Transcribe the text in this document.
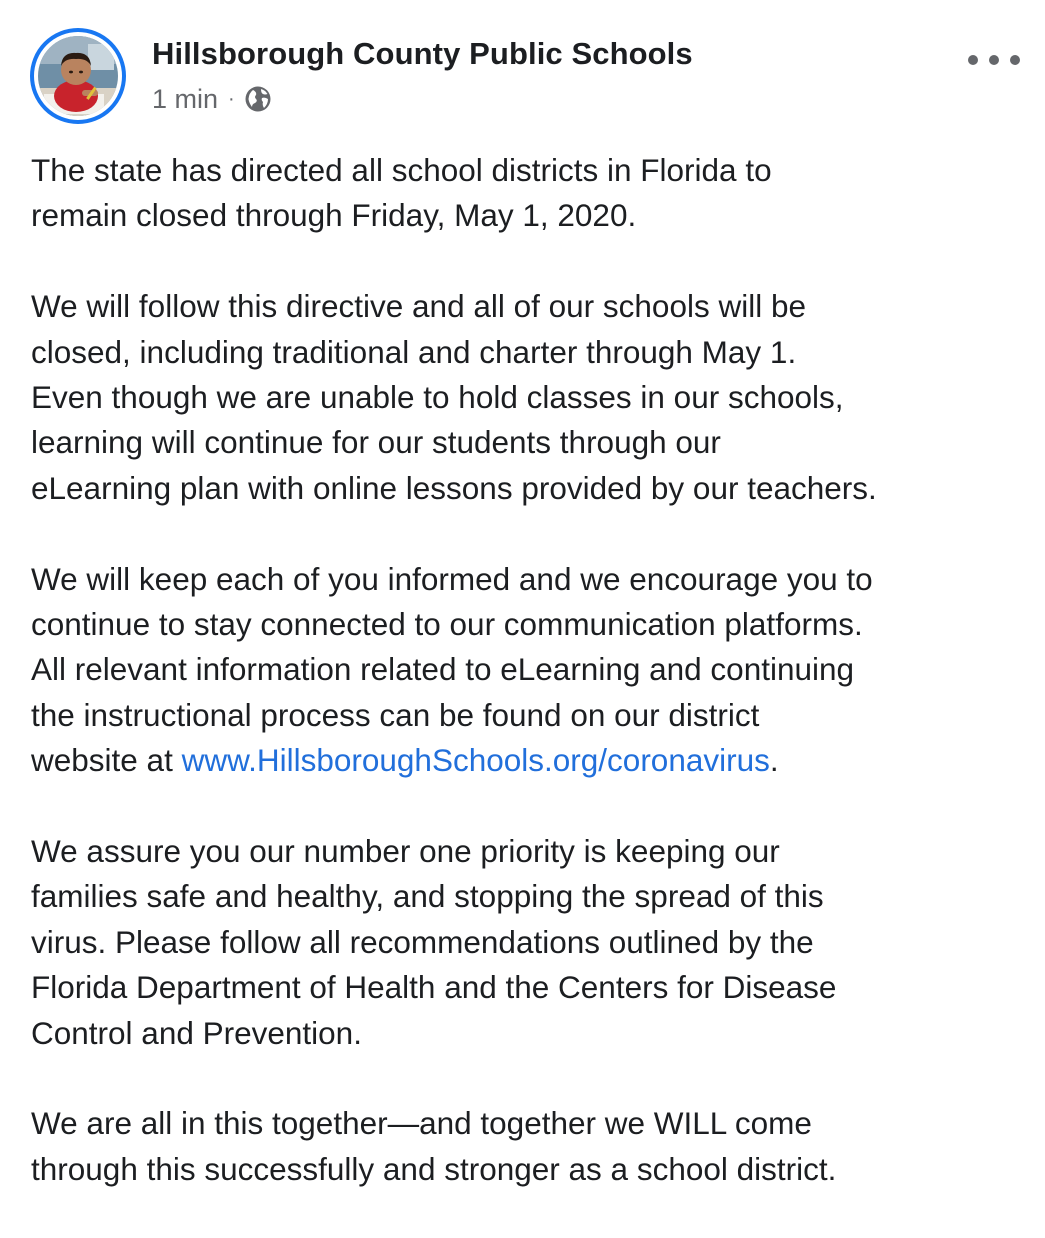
Hillsborough County Public Schools
1 min ·

The state has directed all school districts in Florida to
remain closed through Friday, May 1, 2020.

We will follow this directive and all of our schools will be
closed, including traditional and charter through May 1.
Even though we are unable to hold classes in our schools,
learning will continue for our students through our
eLearning plan with online lessons provided by our teachers.

We will keep each of you informed and we encourage you to
continue to stay connected to our communication platforms.
All relevant information related to eLearning and continuing
the instructional process can be found on our district
website at www.HillsboroughSchools.org/coronavirus.

We assure you our number one priority is keeping our
families safe and healthy, and stopping the spread of this
virus. Please follow all recommendations outlined by the
Florida Department of Health and the Centers for Disease
Control and Prevention.

We are all in this together—and together we WILL come
through this successfully and stronger as a school district.
